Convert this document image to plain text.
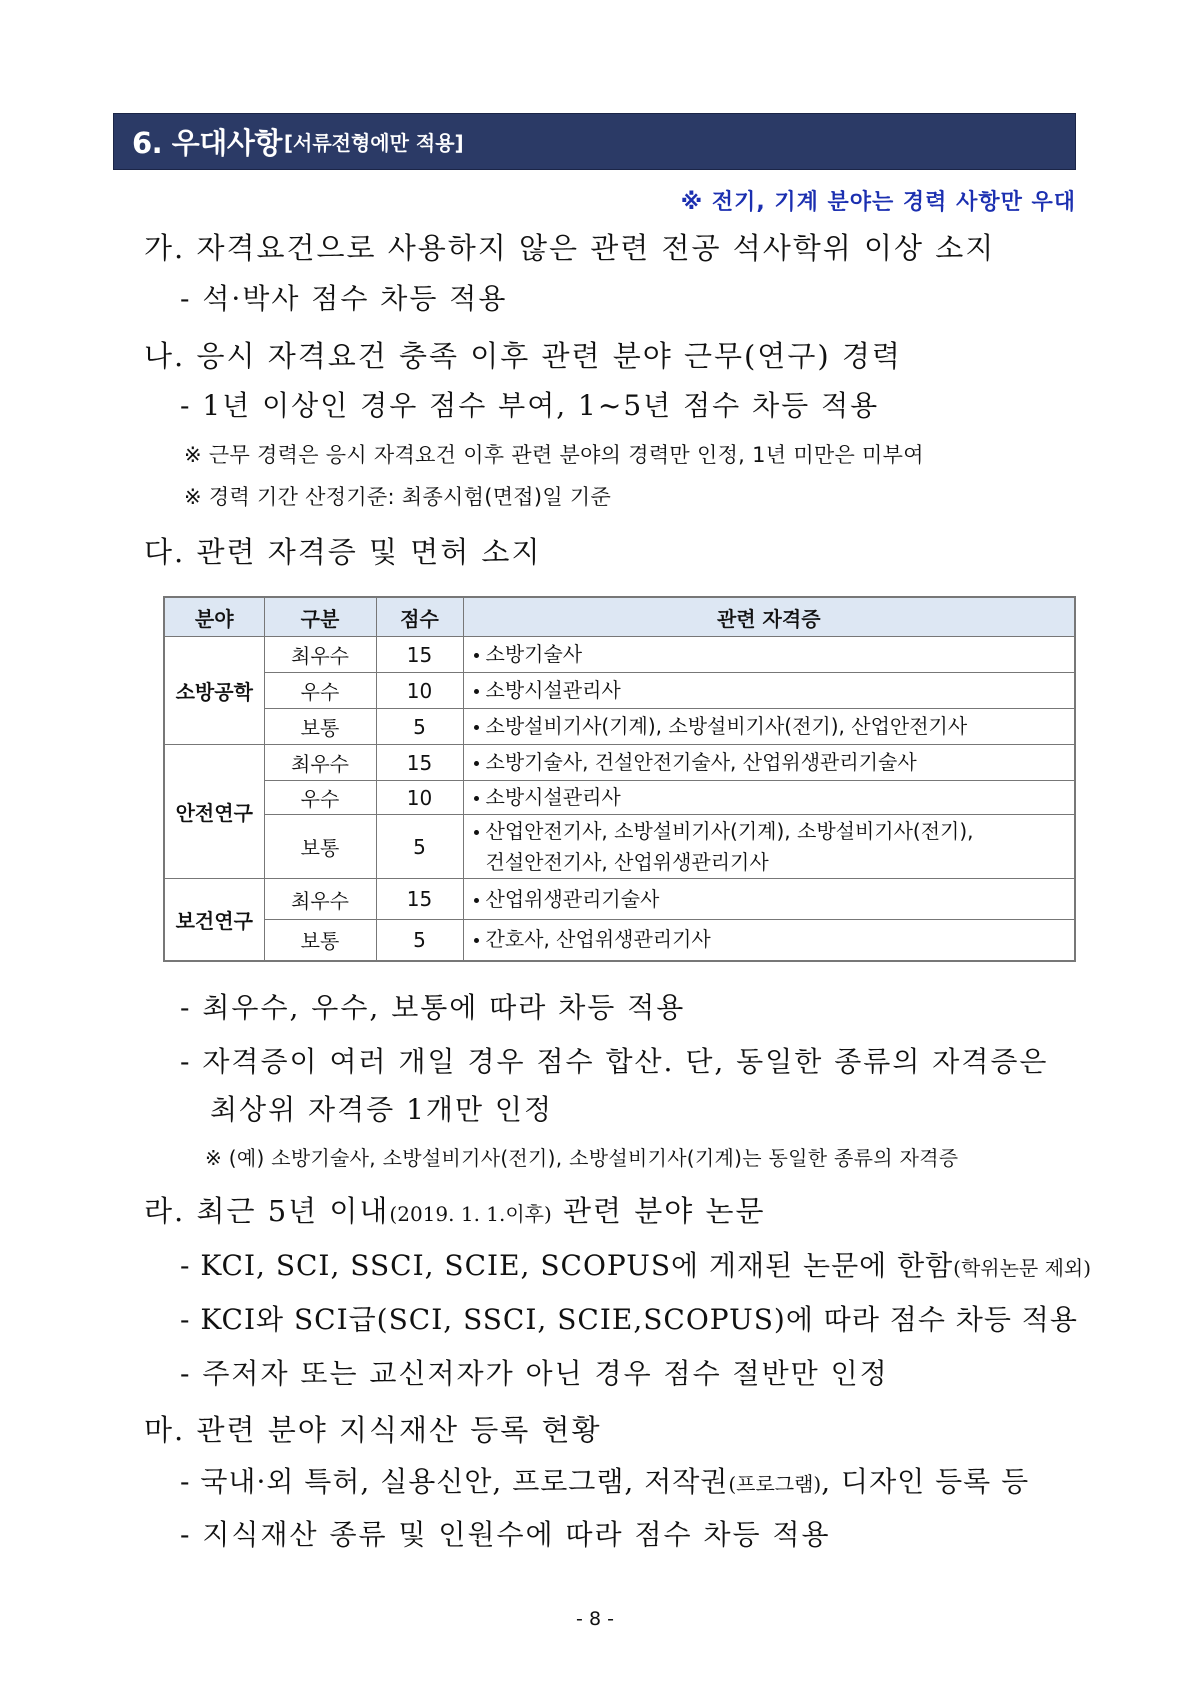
6. 우대사항 [서류전형에만 적용]
※ 전기, 기계 분야는 경력 사항만 우대
가. 자격요건으로 사용하지 않은 관련 전공 석사학위 이상 소지
- 석·박사 점수 차등 적용
나. 응시 자격요건 충족 이후 관련 분야 근무(연구) 경력
- 1년 이상인 경우 점수 부여, 1~5년 점수 차등 적용
※ 근무 경력은 응시 자격요건 이후 관련 분야의 경력만 인정, 1년 미만은 미부여
※ 경력 기간 산정기준: 최종시험(면접)일 기준
다. 관련 자격증 및 면허 소지
분야	구분	점수	관련 자격증
소방공학	최우수	15	소방기술사
	우수	10	소방시설관리사
	보통	5	소방설비기사(기계), 소방설비기사(전기), 산업안전기사
안전연구	최우수	15	소방기술사, 건설안전기술사, 산업위생관리기술사
	우수	10	소방시설관리사
	보통	5	산업안전기사, 소방설비기사(기계), 소방설비기사(전기),
건설안전기사, 산업위생관리기사
보건연구	최우수	15	산업위생관리기술사
	보통	5	간호사, 산업위생관리기사
- 최우수, 우수, 보통에 따라 차등 적용
- 자격증이 여러 개일 경우 점수 합산. 단, 동일한 종류의 자격증은
최상위 자격증 1개만 인정
※ (예) 소방기술사, 소방설비기사(전기), 소방설비기사(기계)는 동일한 종류의 자격증
라. 최근 5년 이내(2019. 1. 1.이후) 관련 분야 논문
- KCI, SCI, SSCI, SCIE, SCOPUS에 게재된 논문에 한함(학위논문 제외)
- KCI와 SCI급(SCI, SSCI, SCIE,SCOPUS)에 따라 점수 차등 적용
- 주저자 또는 교신저자가 아닌 경우 점수 절반만 인정
마. 관련 분야 지식재산 등록 현황
- 국내·외 특허, 실용신안, 프로그램, 저작권(프로그램), 디자인 등록 등
- 지식재산 종류 및 인원수에 따라 점수 차등 적용
- 8 -
